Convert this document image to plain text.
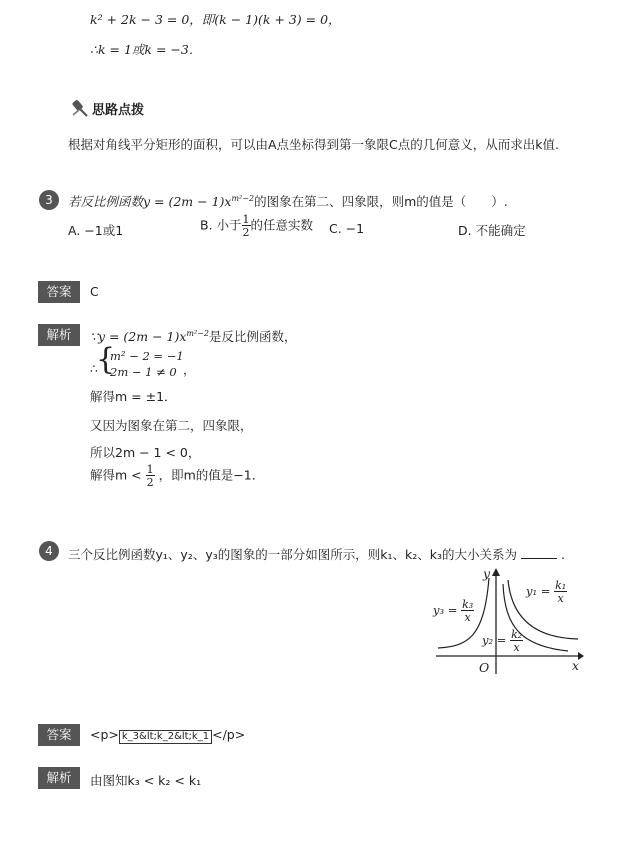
k² + 2k − 3 = 0，即(k − 1)(k + 3) = 0，
∴k = 1或k = −3．
思路点拨
根据对角线平分矩形的面积，可以由A点坐标得到第一象限C点的几何意义，从而求出k值.
3	若反比例函数$y = (2m - 1)x^{m^2-2}$的图象在第二、四象限，则m的值是（　　）.
A. −1或1	B. 小于 $\frac{1}{2}$ 的任意实数 C. −1	D. 不能确定
答案	C
解析	∵y = $(2m - 1)x^{m^2-2}$是反比例函数，
∴
{
m² − 2 = −1
2m − 1 ≠ 0 ，
解得m = ±1．
又因为图象在第二，四象限，
所以2m − 1 < 0，
解得$m < \frac{1}{2}$ ，即m的值是−1．
4	三个反比例函数y₁、y₂、y₃的图象的一部分如图所示，则k₁、k₂、k₃的大小关系为	.
y
x
O
$y_1 = \frac{\text{k₁}}{x}$
$y_3 = \frac{\text{k₃}}{x}$
$y_2 = \frac{\text{k₂}}{x}$
答案	<p> k_3&lt;k_2&lt;k_1 </p>
解析	由图知k₃ < k₂ < k₁
